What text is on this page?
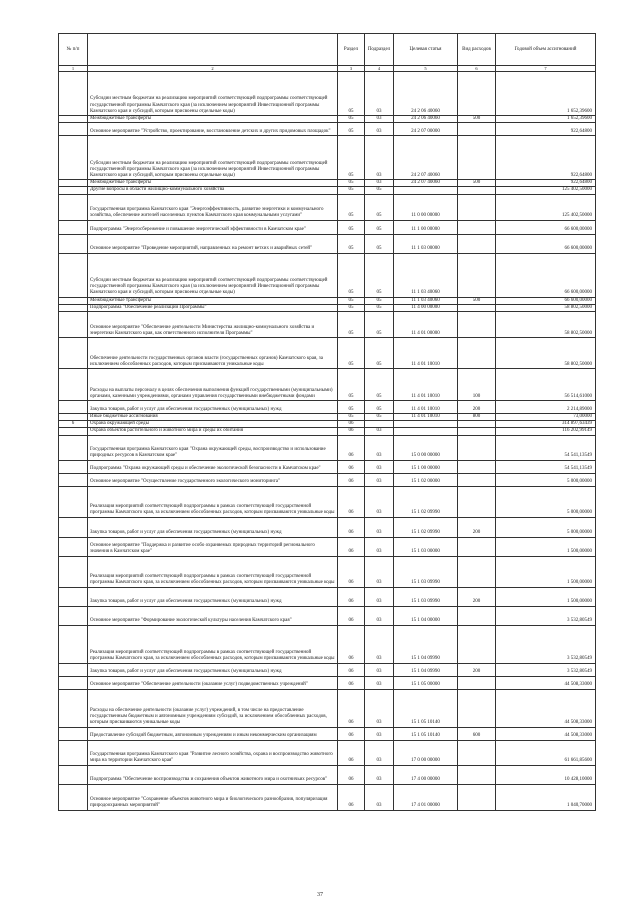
№ п/п		Раздел	Подраздел	Целевая статья	Вид расходов	Годовой объем ассигнований
1	2	3	4	5	6	7
	Субсидии местным бюджетам на реализацию мероприятий соответствующей подпрограммы соответствующей государственной программы Камчатского края (за исключением мероприятий Инвестиционной программы Камчатского края и субсидий, которым присвоены отдельные коды)	05	03	24 2 06 40060		1 652,39600
	Межбюджетные трансферты	05	03	24 2 06 40060	500	1 652,39600
	Основное мероприятие "Устройство, проектирование, восстановление детских и других придомовых площадок"	05	03	24 2 07 00000		922,64800
	Субсидии местным бюджетам на реализацию мероприятий соответствующей подпрограммы соответствующей государственной программы Камчатского края (за исключением мероприятий Инвестиционной программы Камчатского края и субсидий, которым присвоены отдельные коды)	05	03	24 2 07 40060		922,64800
	Межбюджетные трансферты	05	03	24 2 07 40060	500	922,64800
	Другие вопросы в области жилищно-коммунального хозяйства	05	05			125 402,50000
	Государственная программа Камчатского края "Энергоэффективность, развитие энергетики и коммунального хозяйства, обеспечение жителей населенных пунктов Камчатского края коммунальными услугами"	05	05	11 0 00 00000		125 402,50000
	Подпрограмма "Энергосбережение и повышение энергетической эффективности в Камчатском крае"	05	05	11 1 00 00000		66 600,00000
	Основное мероприятие "Проведение мероприятий, направленных на ремонт ветхих и аварийных сетей"	05	05	11 1 03 00000		66 600,00000
	Субсидии местным бюджетам на реализацию мероприятий соответствующей подпрограммы соответствующей государственной программы Камчатского края (за исключением мероприятий Инвестиционной программы Камчатского края и субсидий, которым присвоены отдельные коды)	05	05	11 1 03 40060		66 600,00000
	Межбюджетные трансферты	05	05	11 1 03 40060	500	66 600,00000
	Подпрограмма "Обеспечение реализации Программы"	05	05	11 4 00 00000		58 802,50000
	Основное мероприятие "Обеспечение деятельности Министерства жилищно-коммунального хозяйства и энергетики Камчатского края, как ответственного исполнителя Программы"	05	05	11 4 01 00000		58 802,50000
	Обеспечение деятельности государственных органов власти (государственных органов) Камчатского края, за исключением обособленных расходов, которым присваиваются уникальные коды	05	05	11 4 01 10010		58 802,50000
	Расходы на выплаты персоналу в целях обеспечения выполнения функций государственными (муниципальными) органами, казенными учреждениями, органами управления государственными внебюджетными фондами	05	05	11 4 01 10010	100	56 514,61000
	Закупка товаров, работ и услуг для обеспечения государственных (муниципальных) нужд	05	05	11 4 01 10010	200	2 214,89000
	Иные бюджетные ассигнования	05	05	11 4 01 10010	800	73,00000
6	Охрана окружающей среды	06				314 897,63439
	Охрана объектов растительного и животного мира и среды их обитания	06	03			116 202,99149
	Государственная программа Камчатского края "Охрана окружающей среды, воспроизводство и использование природных ресурсов в Камчатском крае"	06	03	15 0 00 00000		54 541,13549
	Подпрограмма "Охрана окружающей среды и обеспечение экологической безопасности в Камчатском крае"	06	03	15 1 00 00000		54 541,13549
	Основное мероприятие "Осуществление государственного экологического мониторинга"	06	03	15 1 02 00000		5 000,00000
	Реализация мероприятий соответствующей подпрограммы в рамках соответствующей государственной программы Камчатского края, за исключением обособленных расходов, которым присваиваются уникальные коды	06	03	15 1 02 09990		5 000,00000
	Закупка товаров, работ и услуг для обеспечения государственных (муниципальных) нужд	06	03	15 1 02 09990	200	5 000,00000
	Основное мероприятие "Поддержка и развитие особо охраняемых природных территорий регионального значения в Камчатском крае"	06	03	15 1 03 00000		1 500,00000
	Реализация мероприятий соответствующей подпрограммы в рамках соответствующей государственной программы Камчатского края, за исключением обособленных расходов, которым присваиваются уникальные коды	06	03	15 1 03 09990		1 500,00000
	Закупка товаров, работ и услуг для обеспечения государственных (муниципальных) нужд	06	03	15 1 03 09990	200	1 500,00000
	Основное мероприятие "Формирование экологической культуры населения Камчатского края"	06	03	15 1 04 00000		3 532,80549
	Реализация мероприятий соответствующей подпрограммы в рамках соответствующей государственной программы Камчатского края, за исключением обособленных расходов, которым присваиваются уникальные коды	06	03	15 1 04 09990		3 532,80549
	Закупка товаров, работ и услуг для обеспечения государственных (муниципальных) нужд	06	03	15 1 04 09990	200	3 532,80549
	Основное мероприятие "Обеспечение деятельности (оказание услуг) подведомственных учреждений"	06	03	15 1 05 00000		44 508,33000
	Расходы на обеспечение деятельности (оказание услуг) учреждений, в том числе на предоставление государственным бюджетным и автономным учреждениям субсидий, за исключением обособленных расходов, которым присваиваются уникальные коды	06	03	15 1 05 10140		44 508,33000
	Предоставление субсидий бюджетным, автономным учреждениям и иным некоммерческим организациям	06	03	15 1 05 10140	600	44 508,33000
	Государственная программа Камчатского края "Развитие лесного хозяйства, охрана и воспроизводство животного мира на территории Камчатского края"	06	03	17 0 00 00000		61 661,85600
	Подпрограмма "Обеспечение воспроизводства и сохранения объектов животного мира и охотничьих ресурсов"	06	03	17 4 00 00000		10 428,10000
	Основное мероприятие "Сохранение объектов животного мира и биологического разнообразия, популяризация природоохранных мероприятий"	06	03	17 4 01 00000		1 040,70000
37
